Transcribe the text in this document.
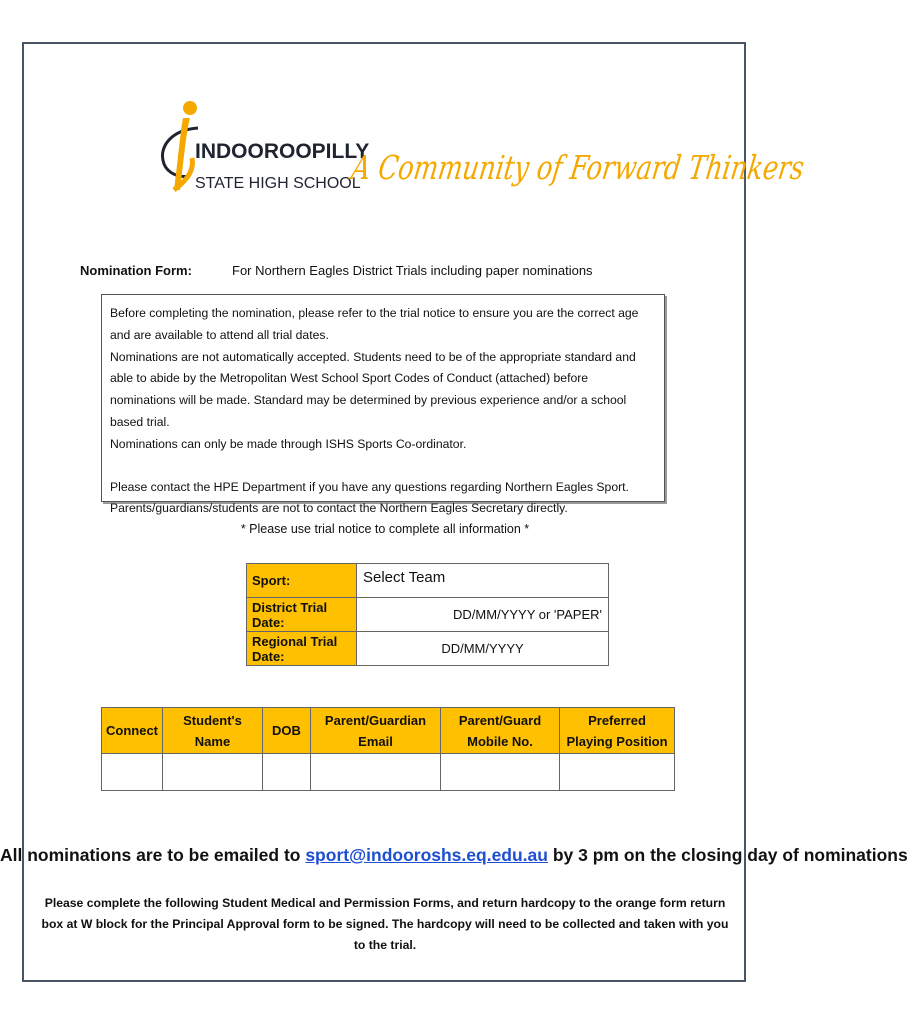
INDOOROOPILLY
STATE HIGH SCHOOL
A Community of Forward Thinkers
Nomination Form:	For Northern Eagles District Trials including paper nominations

Before completing the nomination, please refer to the trial notice to ensure you are the correct age and are available to attend all trial dates.

Nominations are not automatically accepted. Students need to be of the appropriate standard and able to abide by the Metropolitan West School Sport Codes of Conduct (attached) before nominations will be made. Standard may be determined by previous experience and/or a school based trial.

Nominations can only be made through ISHS Sports Co-ordinator.

Please contact the HPE Department if you have any questions regarding Northern Eagles Sport.

Parents/guardians/students are not to contact the Northern Eagles Secretary directly.

* Please use trial notice to complete all information *
Sport:	Select Team
District Trial Date:	DD/MM/YYYY or 'PAPER'
Regional Trial Date:	DD/MM/YYYY
Connect	Student's Name	DOB	Parent/Guardian Email	Parent/Guard Mobile No.	Preferred Playing Position

All nominations are to be emailed to sport@indooroshs.eq.edu.au by 3 pm on the closing day of nominations
Please complete the following Student Medical and Permission Forms, and return hardcopy to the orange form return box at W block for the Principal Approval form to be signed. The hardcopy will need to be collected and taken with you to the trial.
